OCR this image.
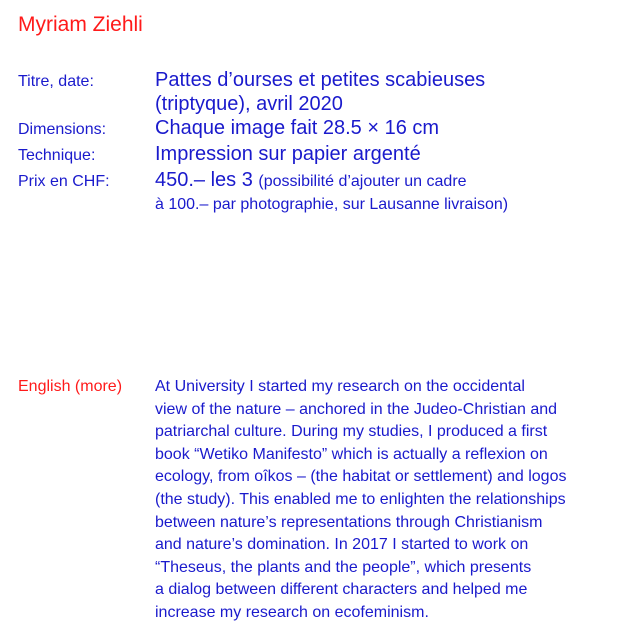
Myriam Ziehli
Titre, date:	Pattes d’ourses et petites scabieuses
(triptyque), avril 2020
Dimensions:	Chaque image fait 28.5 × 16 cm
Technique:	Impression sur papier argenté
Prix en CHF:	450.– les 3 (possibilité d’ajouter un cadre
à 100.– par photographie, sur Lausanne livraison)
English (more)	At University I started my research on the occidental
view of the nature – anchored in the Judeo-Christian and
patriarchal culture. During my studies, I produced a first
book “Wetiko Manifesto” which is actually a reflexion on
ecology, from oîkos – (the habitat or settlement) and logos
(the study). This enabled me to enlighten the relationships
between nature’s representations through Christianism
and nature’s domination. In 2017 I started to work on
“Theseus, the plants and the people”, which presents
a dialog between different characters and helped me
increase my research on ecofeminism.
